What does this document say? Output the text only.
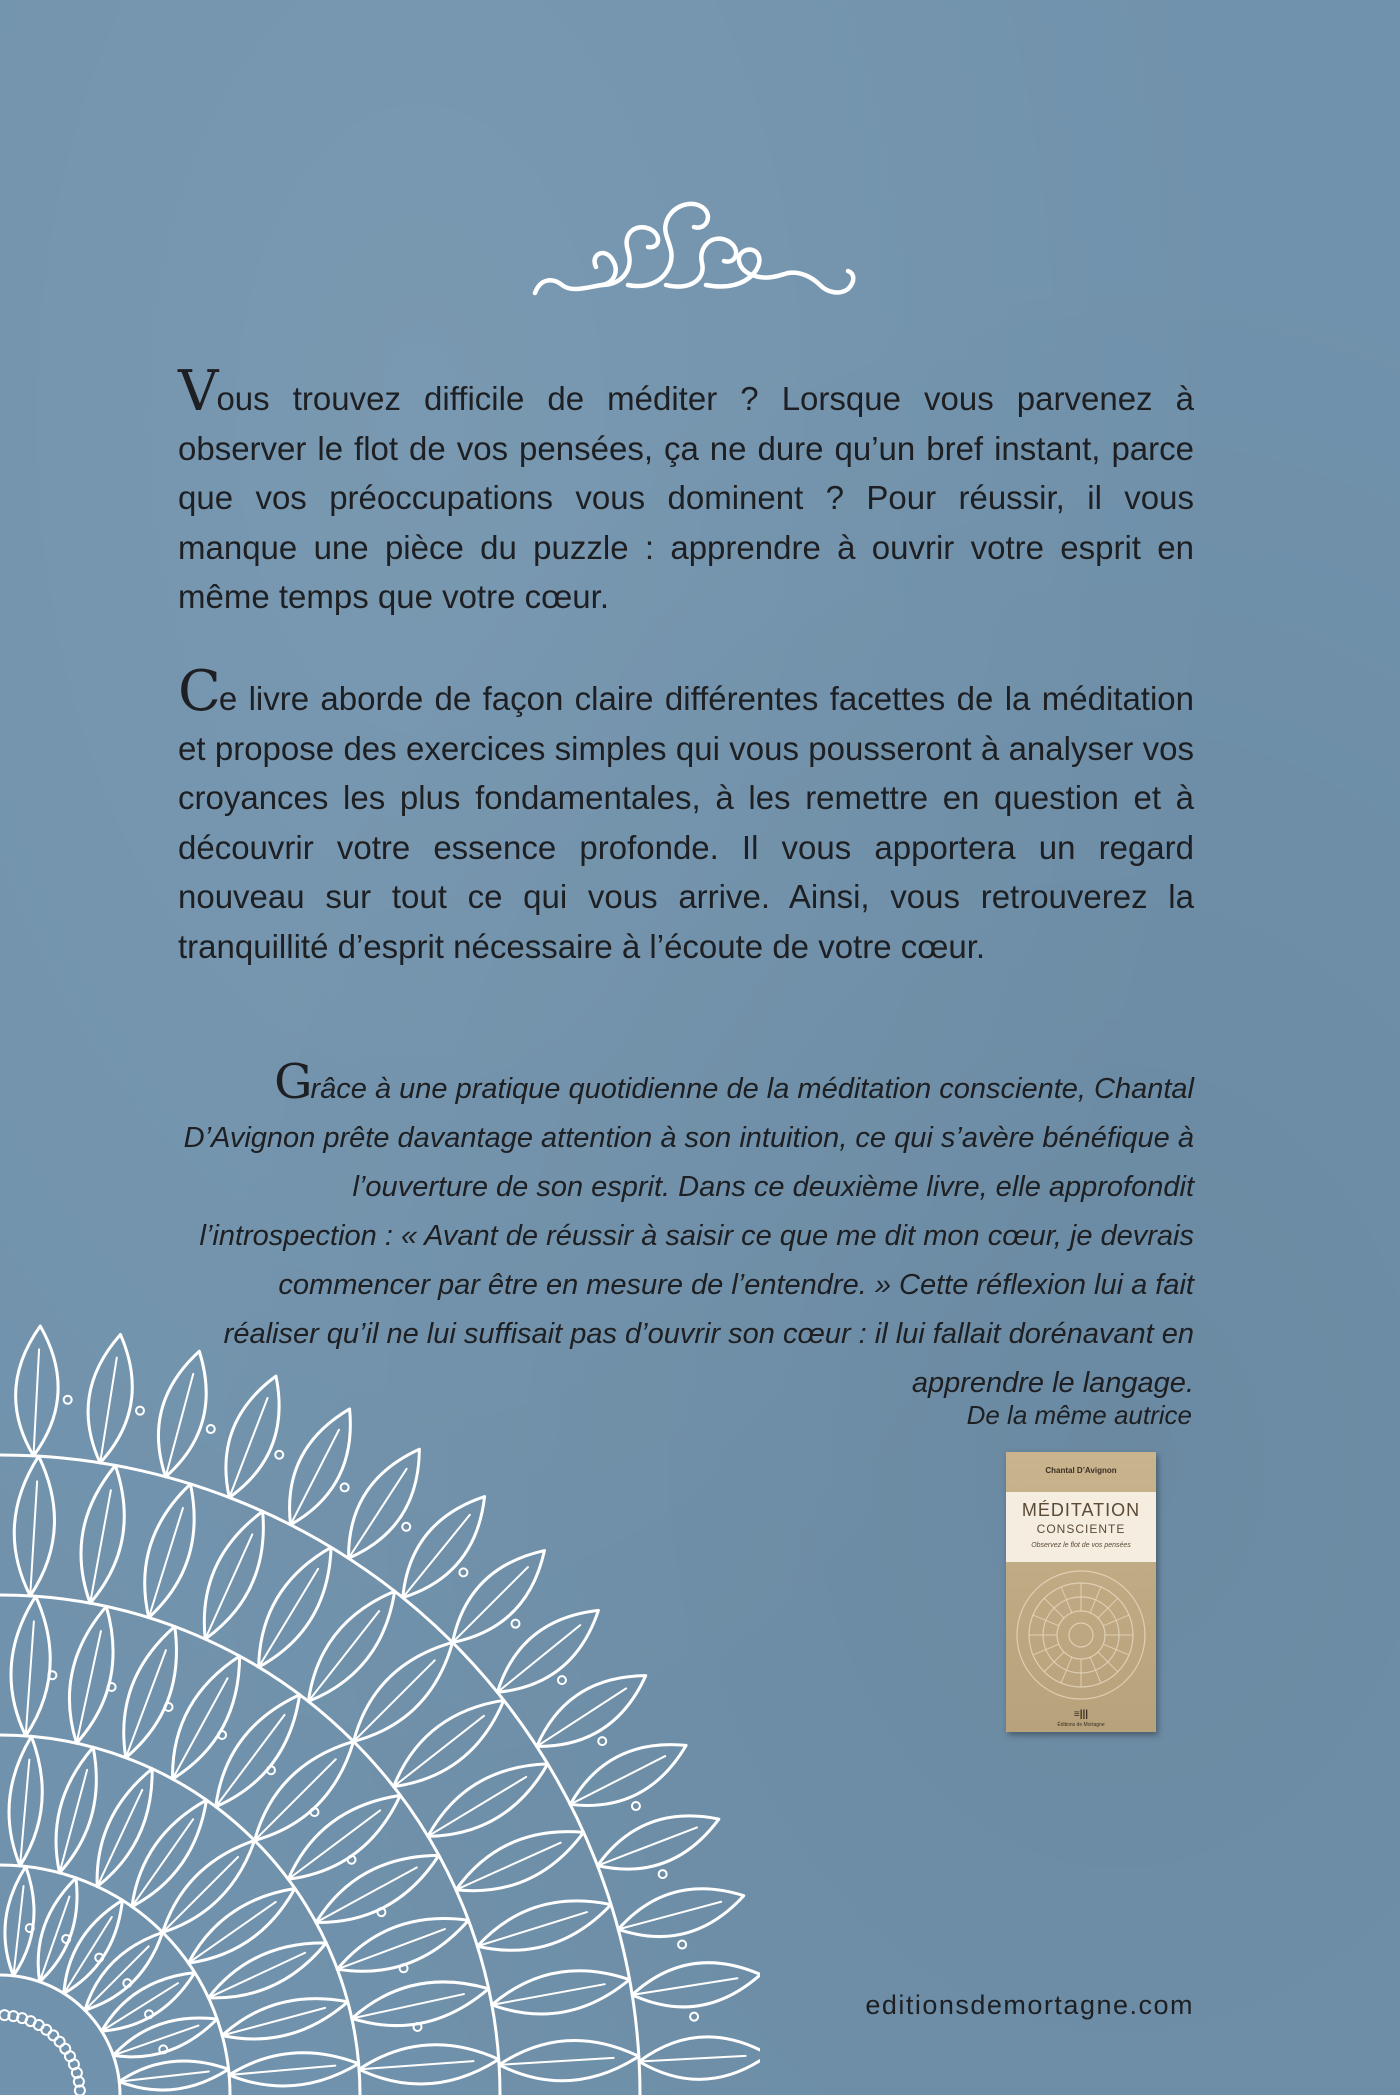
Vous trouvez difficile de méditer ? Lorsque vous parvenez à observer le flot de vos pensées, ça ne dure qu’un bref instant, parce que vos préoccupations vous dominent ? Pour réussir, il vous manque une pièce du puzzle : apprendre à ouvrir votre esprit en même temps que votre cœur.

Ce livre aborde de façon claire différentes facettes de la méditation et propose des exercices simples qui vous pousseront à analyser vos croyances les plus fondamentales, à les remettre en question et à découvrir votre essence profonde. Il vous apportera un regard nouveau sur tout ce qui vous arrive. Ainsi, vous retrouverez la tranquillité d’esprit nécessaire à l’écoute de votre cœur.

Grâce à une pratique quotidienne de la méditation consciente, Chantal D’Avignon prête davantage attention à son intuition, ce qui s’avère bénéfique à l’ouverture de son esprit. Dans ce deuxième livre, elle approfondit l’introspection : « Avant de réussir à saisir ce que me dit mon cœur, je devrais commencer par être en mesure de l’entendre. » Cette réflexion lui a fait réaliser qu’il ne lui suffisait pas d’ouvrir son cœur : il lui fallait dorénavant en apprendre le langage.

De la même autrice

Chantal D’Avignon
MÉDITATION
CONSCIENTE
Observez le flot de vos pensées
≡|||
Éditions de Mortagne

editionsdemortagne.com
